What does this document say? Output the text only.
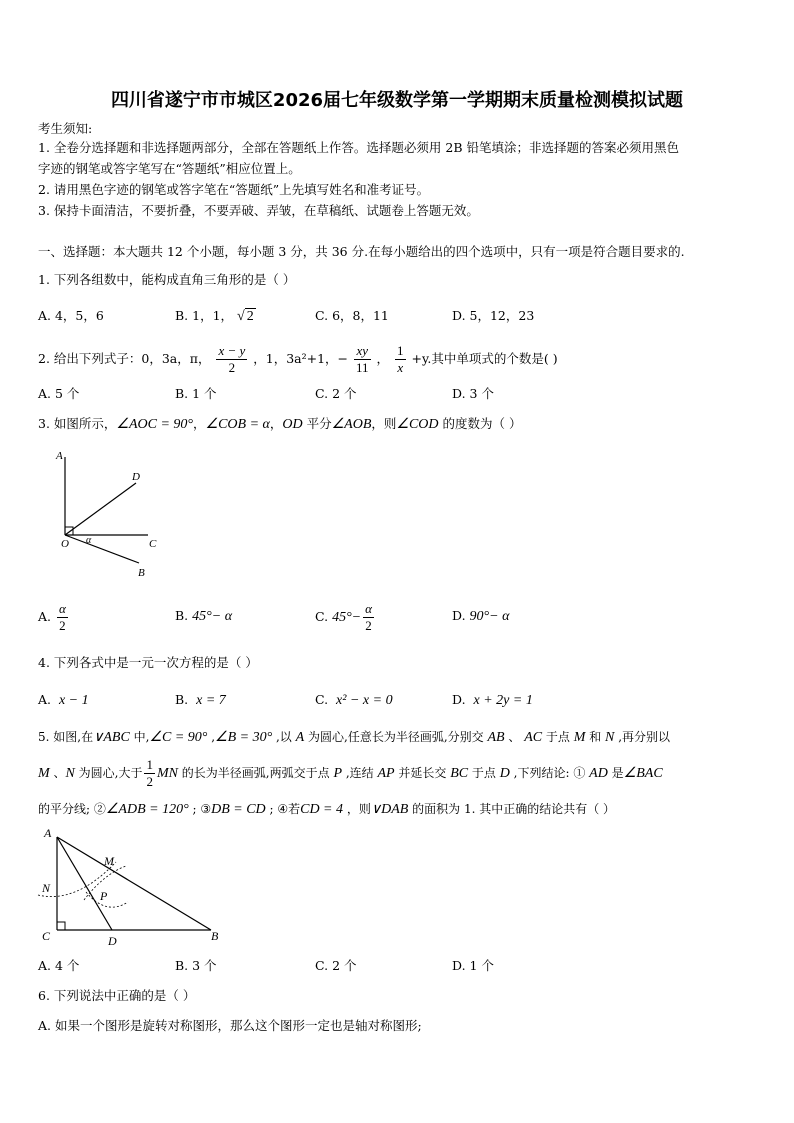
四川省遂宁市市城区2026届七年级数学第一学期期末质量检测模拟试题
考生须知:
1. 全卷分选择题和非选择题两部分，全部在答题纸上作答。选择题必须用 2B 铅笔填涂；非选择题的答案必须用黑色
字迹的钢笔或答字笔写在“答题纸”相应位置上。
2. 请用黑色字迹的钢笔或答字笔在“答题纸”上先填写姓名和准考证号。
3. 保持卡面清洁，不要折叠，不要弄破、弄皱，在草稿纸、试题卷上答题无效。
一、选择题：本大题共 12 个小题，每小题 3 分，共 36 分.在每小题给出的四个选项中，只有一项是符合题目要求的.
1. 下列各组数中，能构成直角三角形的是（ ）
A. 4，5，6	B. 1，1， √ 2	C. 6，8，11	D. 5，12，23
2. 给出下列式子：0，3a，π， $\frac{x - y}{2}$ ，1，3a²+1，− $\frac{xy}{11}$ ， $\frac{1}{x} +y$.其中单项式的个数是( )
A. 5 个	B. 1 个	C. 2 个	D. 3 个
3. 如图所示，∠AOC = 90°，∠COB = α，OD 平分∠AOB，则∠COD 的度数为（ ）
A
D
O α	C
B
A. $\frac{\alpha}{2}$	B. 45°− α	C. $45^\circ- \frac{\alpha}{2}$	D. 90°− α
4. 下列各式中是一元一次方程的是（ ）
A. x − 1	B. x = 7	C. x² − x = 0	D. x + 2y = 1
5. 如图,在∨ABC 中,∠C = 90° ,∠B = 30° ,以 A 为圆心,任意长为半径画弧,分别交 AB 、 AC 于点 M 和 N ,再分别以
M 、N 为圆心,大于 $\frac{1}{2}$ MN 的长为半径画弧,两弧交于点 P ,连结 AP 并延长交 BC 于点 D ,下列结论: ① AD 是∠BAC
的平分线; ②∠ADB = 120° ; ③DB = CD ; ④若CD = 4 ，则∨DAB 的面积为 1. 其中正确的结论共有（ ）
A
M
N
P
C	D	B
A. 4 个	B. 3 个	C. 2 个	D. 1 个
6. 下列说法中正确的是（ ）
A. 如果一个图形是旋转对称图形，那么这个图形一定也是轴对称图形;
